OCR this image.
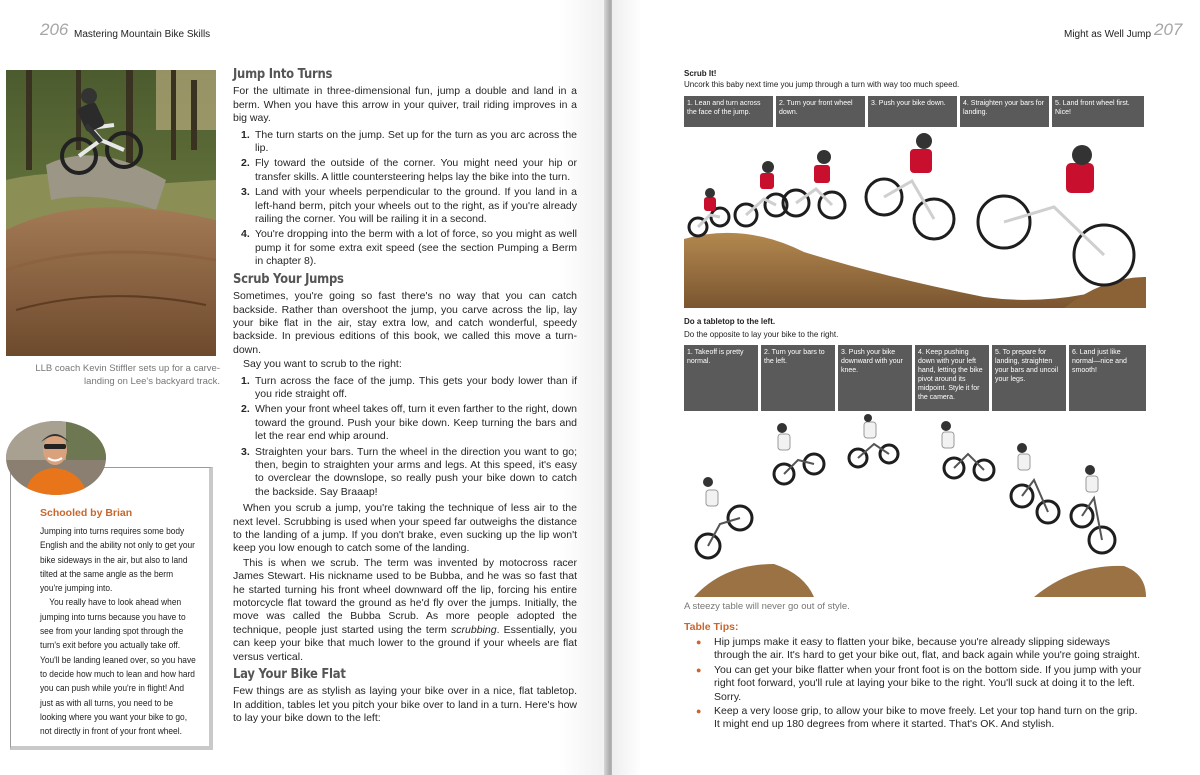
206 Mastering Mountain Bike Skills
LLB coach Kevin Stiffler sets up for a carve-landing on Lee's backyard track.
Schooled by Brian

Jumping into turns requires some body English and the ability not only to get your bike sideways in the air, but also to land tilted at the same angle as the berm you're jumping into.

You really have to look ahead when jumping into turns because you have to see from your landing spot through the turn's exit before you actually take off. You'll be landing leaned over, so you have to decide how much to lean and how hard you can push while you're in flight! And just as with all turns, you need to be looking where you want your bike to go, not directly in front of your front wheel.

Jump Into Turns

For the ultimate in three-dimensional fun, jump a double and land in a berm. When you have this arrow in your quiver, trail riding improves in a big way.

1. The turn starts on the jump. Set up for the turn as you arc across the lip.
2. Fly toward the outside of the corner. You might need your hip or transfer skills. A little countersteering helps lay the bike into the turn.
3. Land with your wheels perpendicular to the ground. If you land in a left-hand berm, pitch your wheels out to the right, as if you're already railing the corner. You will be railing it in a second.
4. You're dropping into the berm with a lot of force, so you might as well pump it for some extra exit speed (see the section Pumping a Berm in chapter 8).
Scrub Your Jumps

Sometimes, you're going so fast there's no way that you can catch backside. Rather than overshoot the jump, you carve across the lip, lay your bike flat in the air, stay extra low, and catch wonderful, speedy backside. In previous editions of this book, we called this move a turn-down.

Say you want to scrub to the right:

1. Turn across the face of the jump. This gets your body lower than if you ride straight off.
2. When your front wheel takes off, turn it even farther to the right, down toward the ground. Push your bike down. Keep turning the bars and let the rear end whip around.
3. Straighten your bars. Turn the wheel in the direction you want to go; then, begin to straighten your arms and legs. At this speed, it's easy to overclear the downslope, so really push your bike down to catch the backside. Say Braaap!

When you scrub a jump, you're taking the technique of less air to the next level. Scrubbing is used when your speed far outweighs the distance to the landing of a jump. If you don't brake, even sucking up the lip won't keep you low enough to catch some of the landing.

This is when we scrub. The term was invented by motocross racer James Stewart. His nickname used to be Bubba, and he was so fast that he started turning his front wheel downward off the lip, forcing his entire motorcycle flat toward the ground as he'd fly over the jumps. Initially, the move was called the Bubba Scrub. As more people adopted the technique, people just started using the term scrubbing. Essentially, you can keep your bike that much lower to the ground if your wheels are flat versus vertical.

Lay Your Bike Flat

Few things are as stylish as laying your bike over in a nice, flat tabletop. In addition, tables let you pitch your bike over to land in a turn. Here's how to lay your bike down to the left:

Might as Well Jump 207
Scrub It!
Uncork this baby next time you jump through a turn with way too much speed.
1. Lean and turn across the face of the jump.
2. Turn your front wheel down.
3. Push your bike down.	4. Straighten your bars for landing.
5. Land front wheel first. Nice!
Do a tabletop to the left.
Do the opposite to lay your bike to the right.
1. Takeoff is pretty normal.
2. Turn your bars to the left.
3. Push your bike downward with your knee.
4. Keep pushing down with your left hand, letting the bike pivot around its midpoint. Style it for the camera.
5. To prepare for landing, straighten your bars and uncoil your legs.
6. Land just like normal—nice and smooth!
A steezy table will never go out of style.
Table Tips:
● Hip jumps make it easy to flatten your bike, because you're already slipping sideways through the air. It's hard to get your bike out, flat, and back again while you're going straight.
● You can get your bike flatter when your front foot is on the bottom side. If you jump with your right foot forward, you'll rule at laying your bike to the right. You'll suck at doing it to the left. Sorry.
● Keep a very loose grip, to allow your bike to move freely. Let your top hand turn on the grip. It might end up 180 degrees from where it started. That's OK. And stylish.
